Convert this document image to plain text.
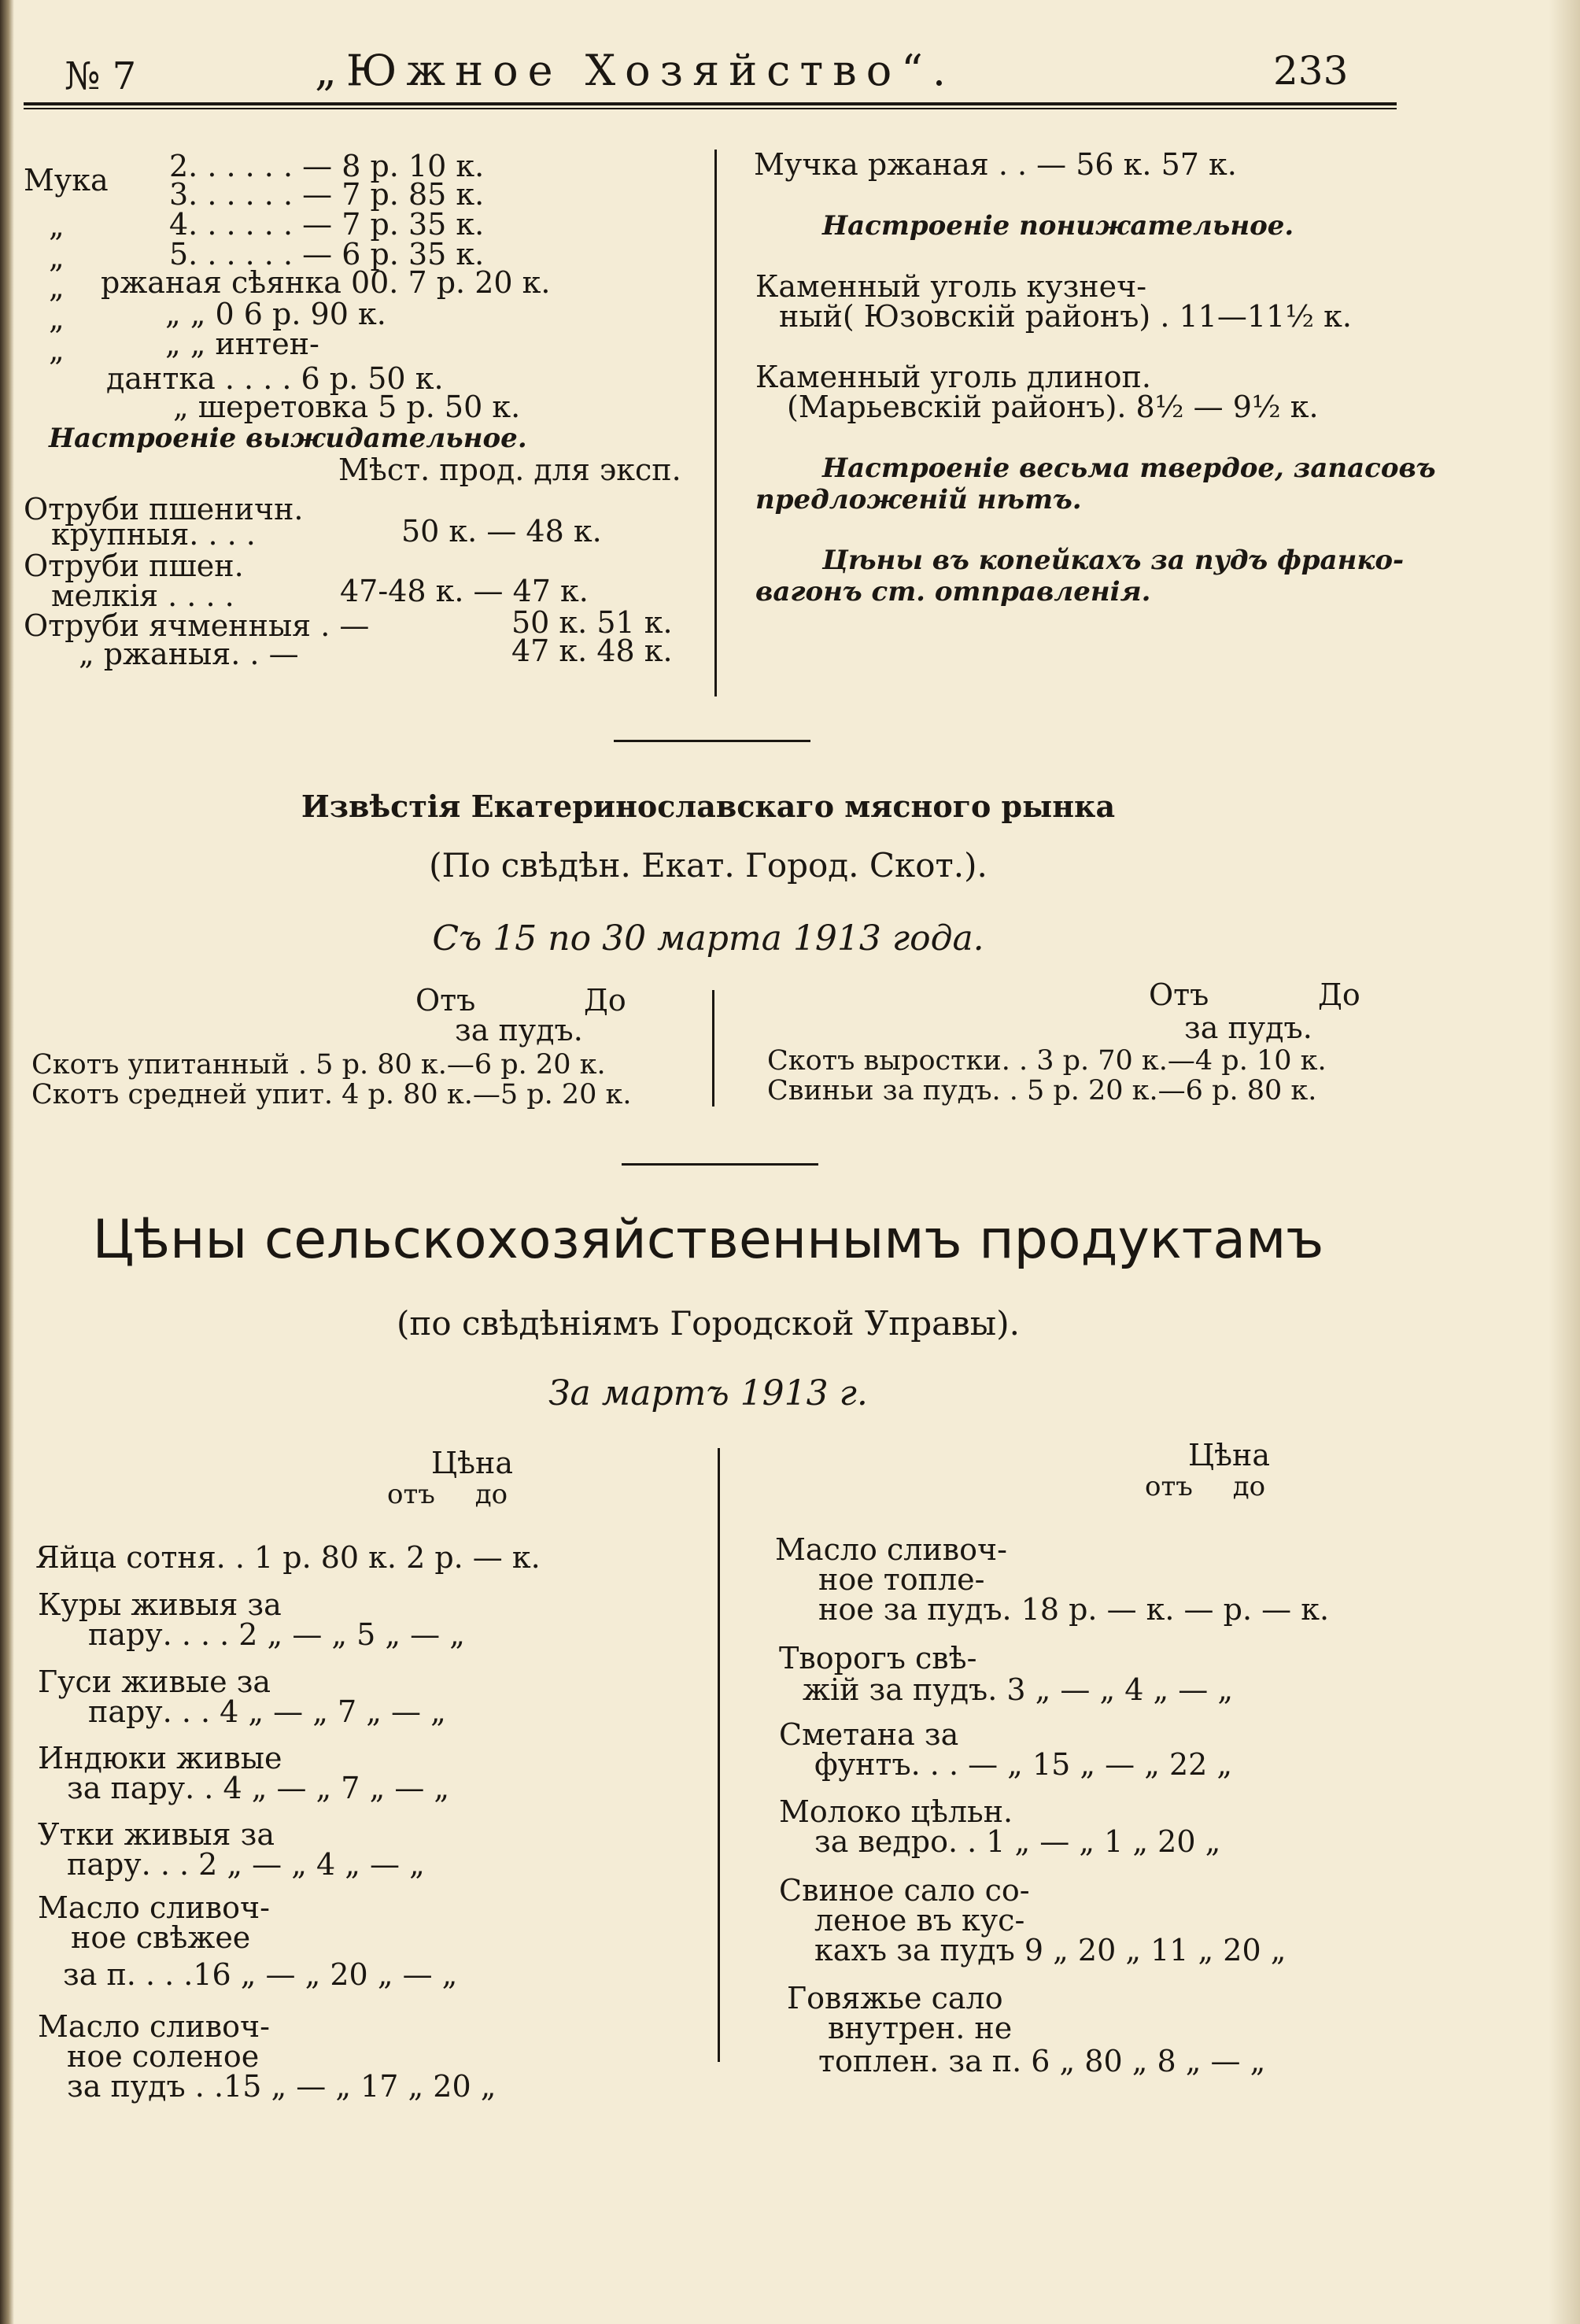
№ 7	„Южное Хозяйство“.	233
Мука 2. . . . . . — 8 р. 10 к.
3. . . . . . — 7 р. 85 к.
„	4. . . . . . — 7 р. 35 к.
„	5. . . . . . — 6 р. 35 к.
„ ржаная сѣянка 00. 7 р. 20 к.
„	„ „ 0 6 р. 90 к.
„	„ „ интен-
дантка . . . . 6 р. 50 к.
„ шеретовка 5 р. 50 к.
Настроеніе выжидательное.
Мѣст. прод. для эксп.
Отруби пшеничн.
крупныя. . . .	50 к. — 48 к.
Отруби пшен.
мелкія . . . .	47-48 к. — 47 к.
Отруби ячменныя . —	50 к. 51 к.
„ ржаныя. . —	47 к. 48 к.
Мучка ржаная . . — 56 к. 57 к.
Настроеніе понижательное.
Каменный уголь кузнеч-
ный( Юзовскій районъ) . 11—11½ к.
Каменный уголь длиноп.
(Марьевскій районъ). 8½ — 9½ к.
Настроеніе весьма твердое, запасовъ
предложеній нѣтъ.
Цѣны въ копейкахъ за пудъ франко-
вагонъ ст. отправленія.
Извѣстія Екатеринославскаго мясного рынка
(По свѣдѣн. Екат. Город. Скот.).
Съ 15 по 30 марта 1913 года.
Отъ	До
за пудъ.
Скотъ упитанный . 5 р. 80 к.—6 р. 20 к.
Скотъ средней упит. 4 р. 80 к.—5 р. 20 к.
Отъ	До
за пудъ.
Скотъ выростки. . 3 р. 70 к.—4 р. 10 к.
Свиньи за пудъ. . 5 р. 20 к.—6 р. 80 к.
Цѣны сельскохозяйственнымъ продуктамъ
(по свѣдѣніямъ Городской Управы).
За мартъ 1913 г.
Цѣна
отъ до
Цѣна
отъ до
Яйца сотня. . 1 р. 80 к. 2 р. — к.
Куры живыя за
пару. . . . 2 „ — „ 5 „ — „
Гуси живые за
пару. . . 4 „ — „ 7 „ — „
Индюки живые
за пару. . 4 „ — „ 7 „ — „
Утки живыя за
пару. . . 2 „ — „ 4 „ — „
Масло сливоч-
ное свѣжее
за п. . . .16 „ — „ 20 „ — „
Масло сливоч-
ное соленое
за пудъ . .15 „ — „ 17 „ 20 „
Масло сливоч-
ное топле-
ное за пудъ. 18 р. — к. — р. — к.
Творогъ свѣ-
жій за пудъ. 3 „ — „ 4 „ — „
Сметана за
фунтъ. . . — „ 15 „ — „ 22 „
Молоко цѣльн.
за ведро. . 1 „ — „ 1 „ 20 „
Свиное сало со-
леное въ кус-
кахъ за пудъ 9 „ 20 „ 11 „ 20 „
Говяжье сало
внутрен. не
топлен. за п. 6 „ 80 „ 8 „ — „
